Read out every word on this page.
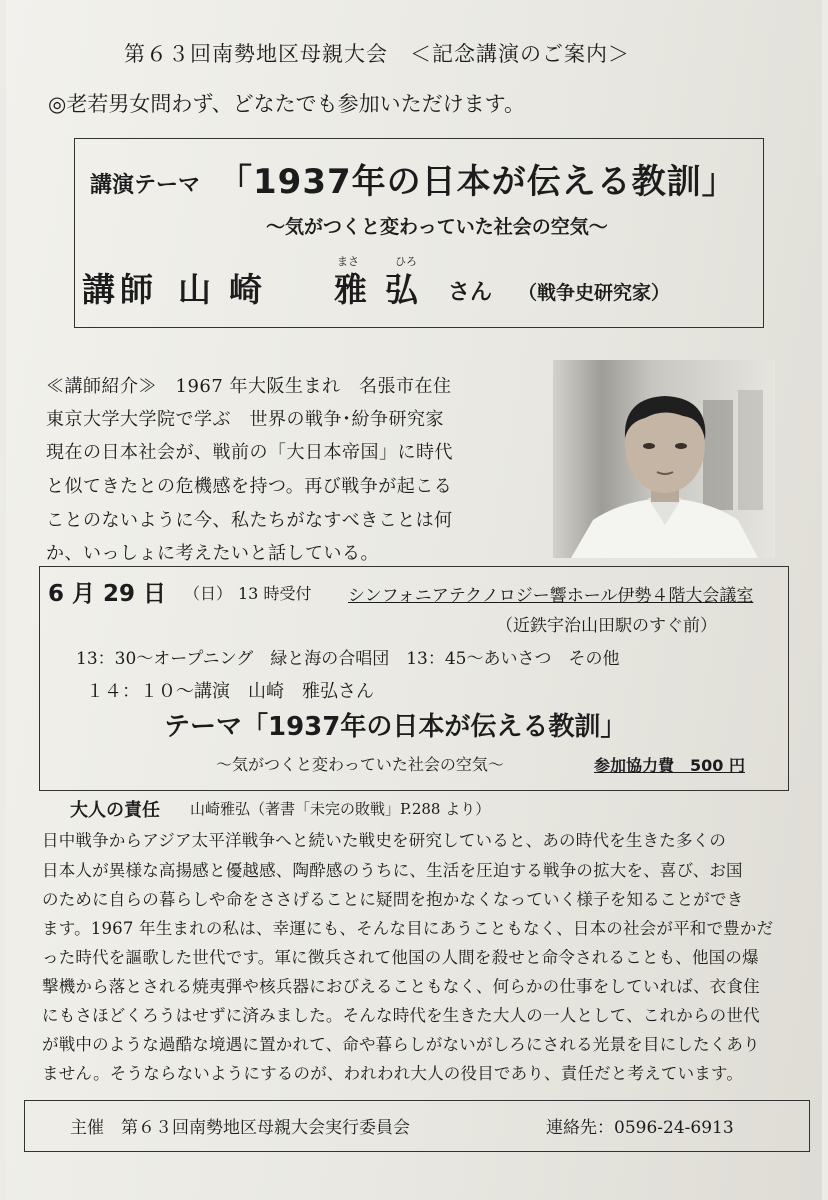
第６３回南勢地区母親大会　＜記念講演のご案内＞
◎老若男女問わず、どなたでも参加いただけます。
講演テーマ 「1937年の日本が伝える教訓」
～気がつくと変わっていた社会の空気～
講師 山崎
まさ	ひろ
雅弘 さん （戦争史研究家）
≪講師紹介≫　1967 年大阪生まれ　名張市在住
東京大学大学院で学ぶ　世界の戦争･紛争研究家
現在の日本社会が、戦前の「大日本帝国」に時代
と似てきたとの危機感を持つ。再び戦争が起こる
ことのないように今、私たちがなすべきことは何
か、いっしょに考えたいと話している。
6 月 29 日 （日） 13 時受付 シンフォニアテクノロジー響ホール伊勢４階大会議室
（近鉄宇治山田駅のすぐ前）
13：30～オープニング　緑と海の合唱団　13：45～あいさつ　その他
１４：１０～講演　山崎　雅弘さん
テーマ「1937年の日本が伝える教訓」
～気がつくと変わっていた社会の空気～	参加協力費　500 円
大人の責任 山崎雅弘（著書「未完の敗戦」P.288 より）
日中戦争からアジア太平洋戦争へと続いた戦史を研究していると、あの時代を生きた多くの
日本人が異様な高揚感と優越感、陶酔感のうちに、生活を圧迫する戦争の拡大を、喜び、お国
のために自らの暮らしや命をささげることに疑問を抱かなくなっていく様子を知ることができ
ます。1967 年生まれの私は、幸運にも、そんな目にあうこともなく、日本の社会が平和で豊かだ
った時代を謳歌した世代です。軍に徴兵されて他国の人間を殺せと命令されることも、他国の爆
撃機から落とされる焼夷弾や核兵器におびえることもなく、何らかの仕事をしていれば、衣食住
にもさほどくろうはせずに済みました。そんな時代を生きた大人の一人として、これからの世代
が戦中のような過酷な境遇に置かれて、命や暮らしがないがしろにされる光景を目にしたくあり
ません。そうならないようにするのが、われわれ大人の役目であり、責任だと考えています。
主催　第６３回南勢地区母親大会実行委員会	連絡先：0596-24-6913
